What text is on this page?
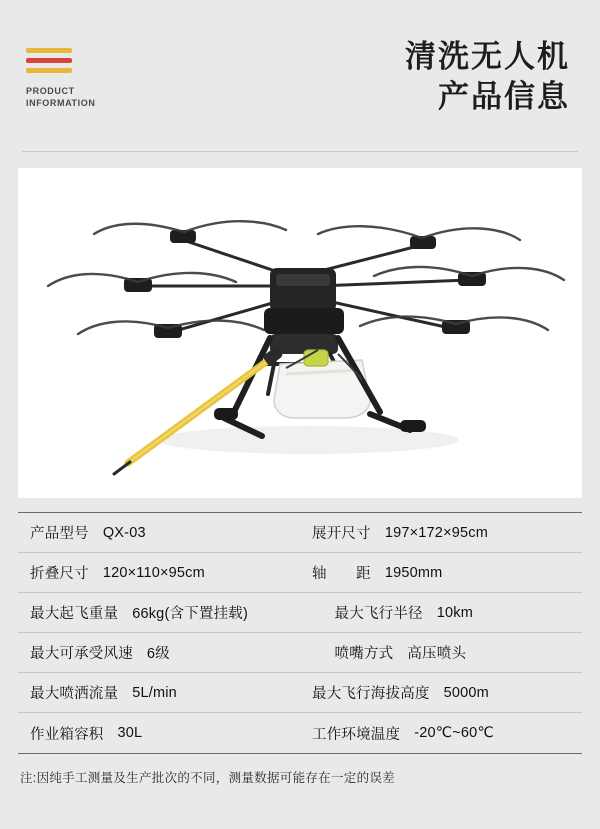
PRODUCT
INFORMATION
清洗无人机
产品信息
产品型号 QX-03	展开尺寸 197×172×95cm
折叠尺寸 120×110×95cm	轴　　距 1950mm
最大起飞重量 66kg(含下置挂载)	最大飞行半径 10km
最大可承受风速 6级	喷嘴方式 高压喷头
最大喷洒流量 5L/min	最大飞行海拔高度 5000m
作业箱容积 30L	工作环境温度 -20℃~60℃
注:因纯手工测量及生产批次的不同，测量数据可能存在一定的误差
